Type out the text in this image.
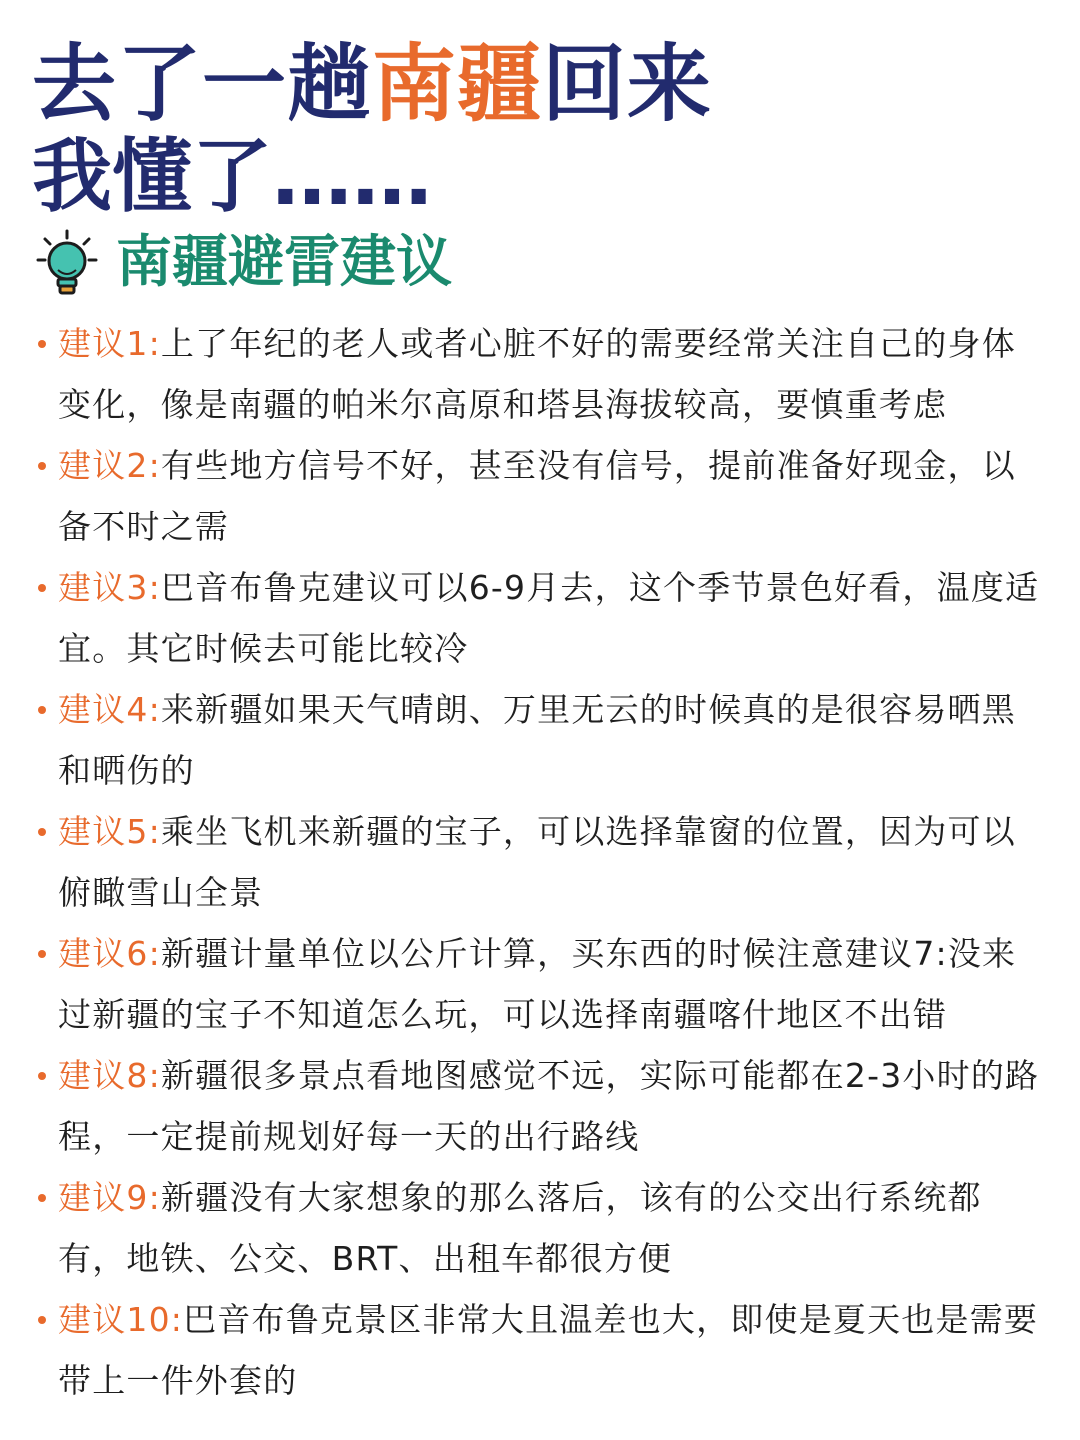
去了一趟南疆回来
我懂了……
南疆避雷建议
建议1:上了年纪的老人或者心脏不好的需要经常关注自己的身体变化，像是南疆的帕米尔高原和塔县海拔较高，要慎重考虑
建议2:有些地方信号不好，甚至没有信号，提前准备好现金，以备不时之需
建议3:巴音布鲁克建议可以6-9月去，这个季节景色好看，温度适宜。其它时候去可能比较冷
建议4:来新疆如果天气晴朗、万里无云的时候真的是很容易晒黑和晒伤的
建议5:乘坐飞机来新疆的宝子，可以选择靠窗的位置，因为可以俯瞰雪山全景
建议6:新疆计量单位以公斤计算，买东西的时候注意建议7:没来过新疆的宝子不知道怎么玩，可以选择南疆喀什地区不出错
建议8:新疆很多景点看地图感觉不远，实际可能都在2-3小时的路程，一定提前规划好每一天的出行路线
建议9:新疆没有大家想象的那么落后，该有的公交出行系统都有，地铁、公交、BRT、出租车都很方便
建议10:巴音布鲁克景区非常大且温差也大，即使是夏天也是需要带上一件外套的
